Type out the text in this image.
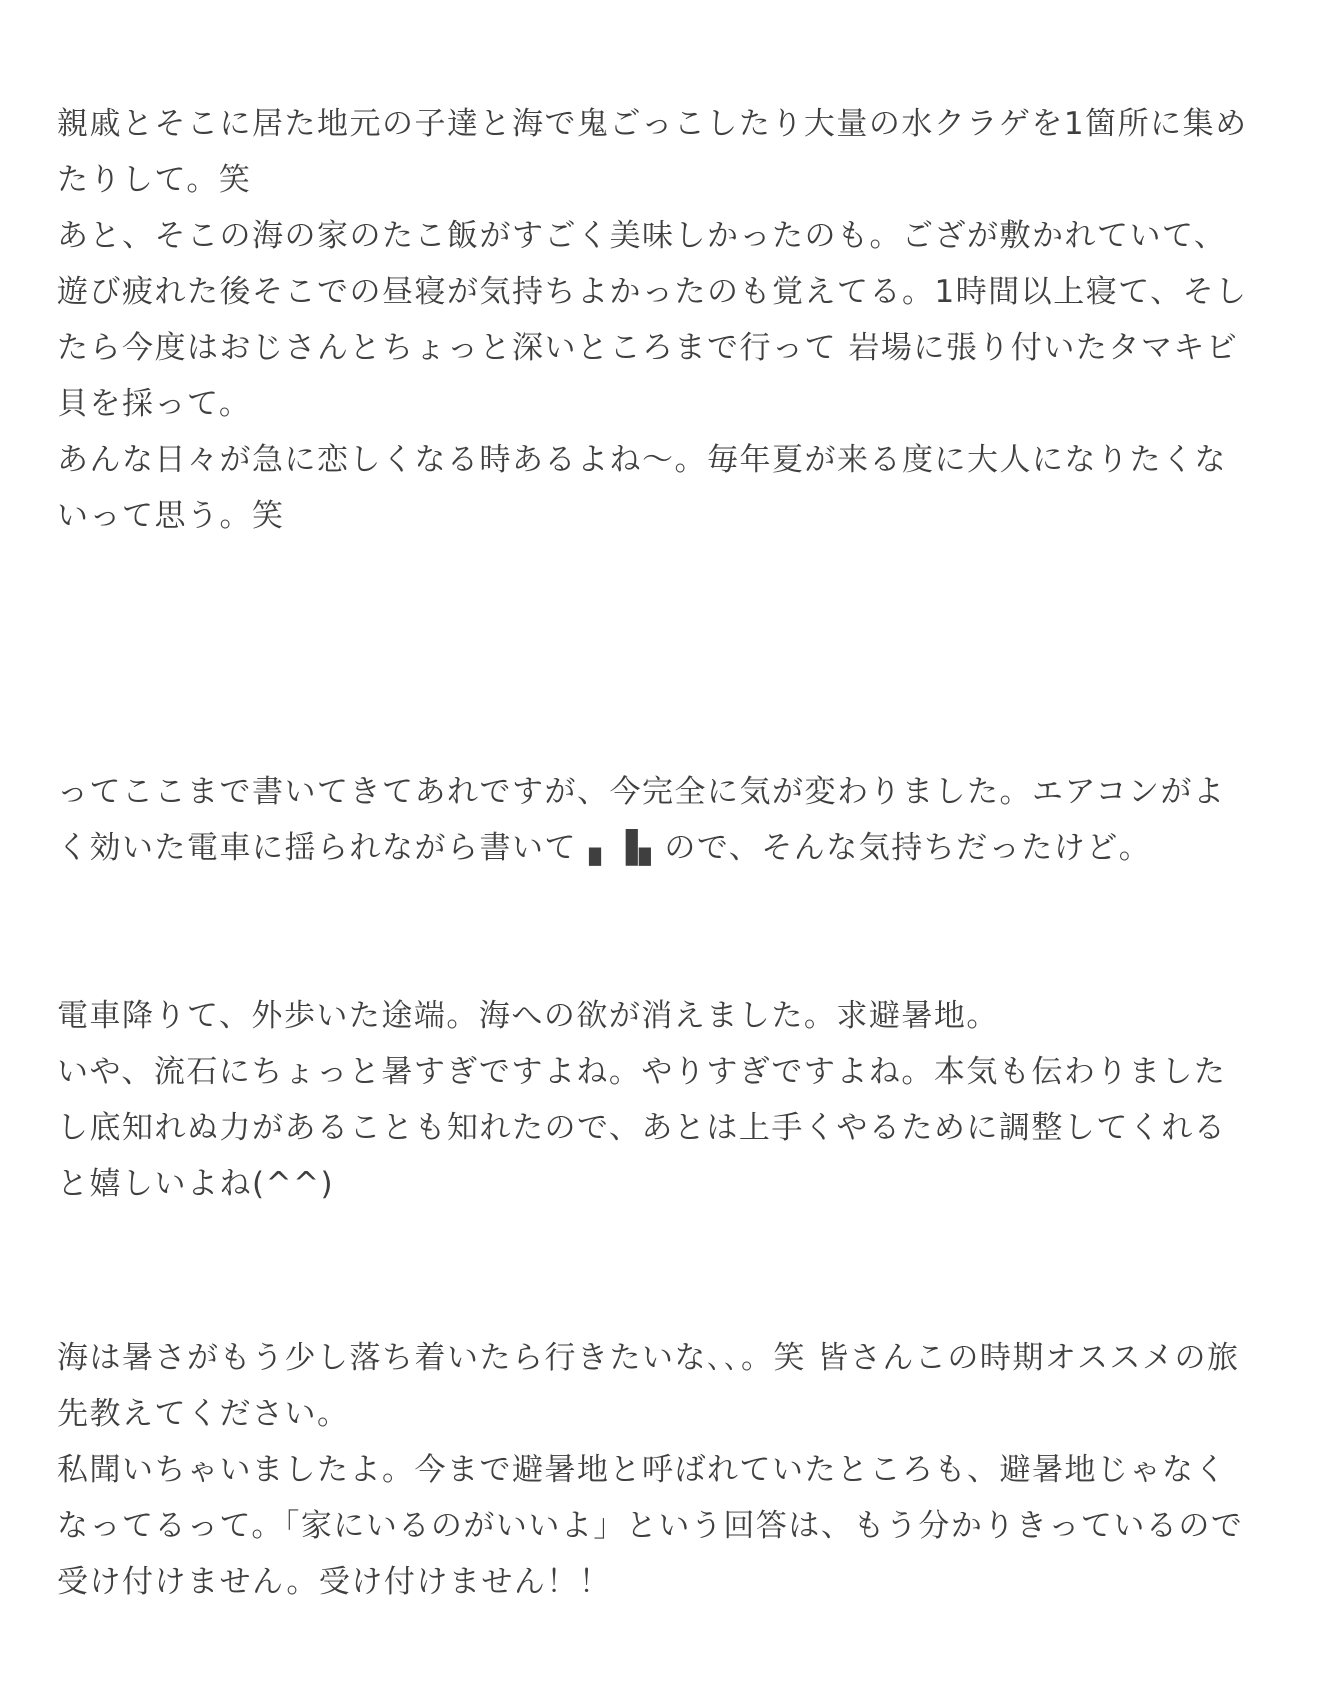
親戚とそこに居た地元の子達と海で鬼ごっこしたり大量の水クラゲを1箇所に集め
たりして。笑
あと、そこの海の家のたこ飯がすごく美味しかったのも。ござが敷かれていて、
遊び疲れた後そこでの昼寝が気持ちよかったのも覚えてる。1時間以上寝て、そし
たら今度はおじさんとちょっと深いところまで行って 岩場に張り付いたタマキビ
貝を採って。
あんな日々が急に恋しくなる時あるよね〜。毎年夏が来る度に大人になりたくな
いって思う。笑
ってここまで書いてきてあれですが、今完全に気が変わりました。エアコンがよ
く効いた電車に揺られながら書いて▗ ▐▖ので、そんな気持ちだったけど。
電車降りて、外歩いた途端。海への欲が消えました。求避暑地。
いや、流石にちょっと暑すぎですよね。やりすぎですよね。本気も伝わりました
し底知れぬ力があることも知れたので、あとは上手くやるために調整してくれる
と嬉しいよね(^^)
海は暑さがもう少し落ち着いたら行きたいな､､。笑 皆さんこの時期オススメの旅
先教えてください。
私聞いちゃいましたよ。今まで避暑地と呼ばれていたところも、避暑地じゃなく
なってるって。「家にいるのがいいよ」という回答は、もう分かりきっているので
受け付けません。受け付けません！！
